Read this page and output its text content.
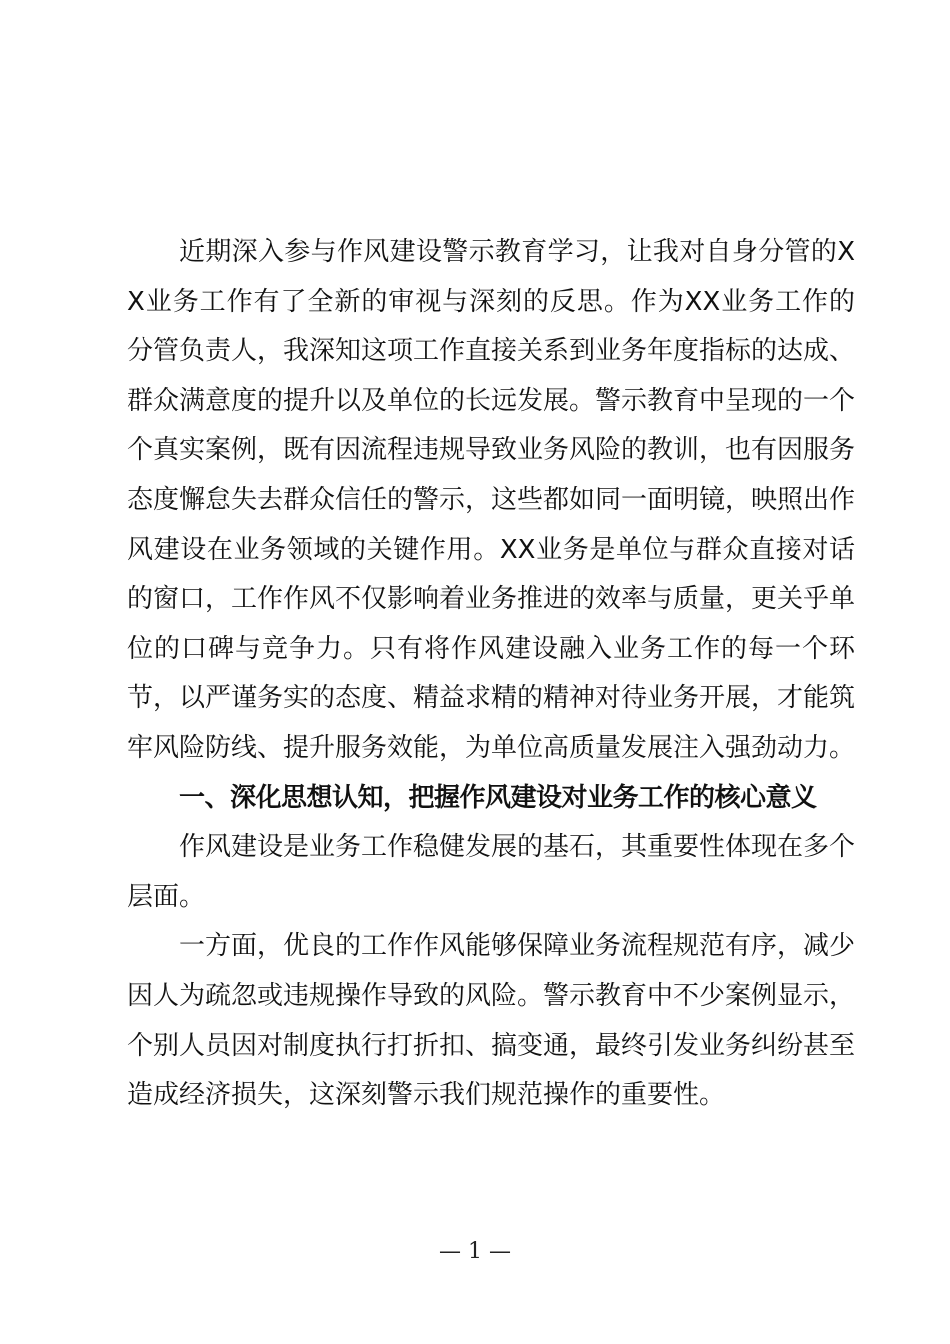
近期深入参与作风建设警示教育学习，让我对自身分管的XX业务工作有了全新的审视与深刻的反思。作为XX业务工作的分管负责人，我深知这项工作直接关系到业务年度指标的达成、群众满意度的提升以及单位的长远发展。警示教育中呈现的一个个真实案例，既有因流程违规导致业务风险的教训，也有因服务态度懈怠失去群众信任的警示，这些都如同一面明镜，映照出作风建设在业务领域的关键作用。XX业务是单位与群众直接对话的窗口，工作作风不仅影响着业务推进的效率与质量，更关乎单位的口碑与竞争力。只有将作风建设融入业务工作的每一个环节，以严谨务实的态度、精益求精的精神对待业务开展，才能筑牢风险防线、提升服务效能，为单位高质量发展注入强劲动力。

一、深化思想认知，把握作风建设对业务工作的核心意义

作风建设是业务工作稳健发展的基石，其重要性体现在多个层面。

一方面，优良的工作作风能够保障业务流程规范有序，减少因人为疏忽或违规操作导致的风险。警示教育中不少案例显示，个别人员因对制度执行打折扣、搞变通，最终引发业务纠纷甚至造成经济损失，这深刻警示我们规范操作的重要性。

— 1 —
